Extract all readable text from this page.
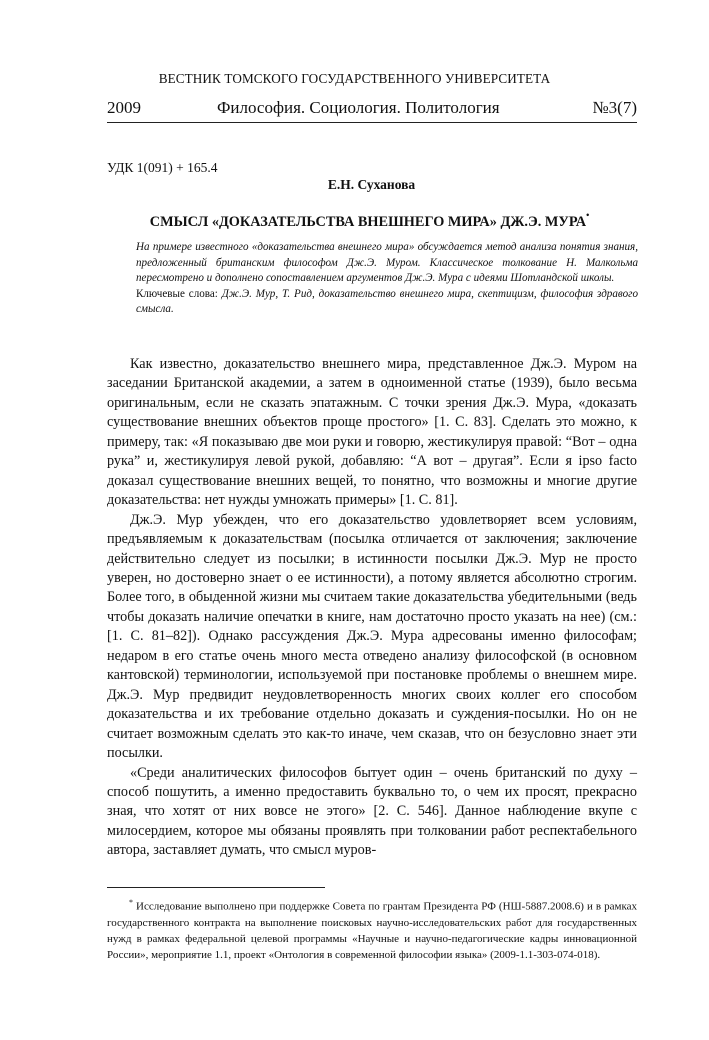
ВЕСТНИК ТОМСКОГО ГОСУДАРСТВЕННОГО УНИВЕРСИТЕТА
2009	Философия. Социология. Политология	№3(7)
УДК 1(091) + 165.4
Е.Н. Суханова
СМЫСЛ «ДОКАЗАТЕЛЬСТВА ВНЕШНЕГО МИРА» ДЖ.Э. МУРА•

На примере известного «доказательства внешнего мира» обсуждается метод анализа понятия знания, предложенный британским философом Дж.Э. Муром. Классическое толкование Н. Малкольма пересмотрено и дополнено сопоставлением аргументов Дж.Э. Мура с идеями Шотландской школы.

Ключевые слова: Дж.Э. Мур, Т. Рид, доказательство внешнего мира, скептицизм, философия здравого смысла.

Как известно, доказательство внешнего мира, представленное Дж.Э. Муром на заседании Британской академии, а затем в одноименной статье (1939), было весьма оригинальным, если не сказать эпатажным. С точки зрения Дж.Э. Мура, «доказать существование внешних объектов проще простого» [1. С. 83]. Сделать это можно, к примеру, так: «Я показываю две мои руки и говорю, жестикулируя правой: “Вот – одна рука” и, жестикулируя левой рукой, добавляю: “А вот – другая”. Если я ipso facto доказал существование внешних вещей, то понятно, что возможны и многие другие доказательства: нет нужды умножать примеры» [1. С. 81].

Дж.Э. Мур убежден, что его доказательство удовлетворяет всем условиям, предъявляемым к доказательствам (посылка отличается от заключения; заключение действительно следует из посылки; в истинности посылки Дж.Э. Мур не просто уверен, но достоверно знает о ее истинности), а потому является абсолютно строгим. Более того, в обыденной жизни мы считаем такие доказательства убедительными (ведь чтобы доказать наличие опечатки в книге, нам достаточно просто указать на нее) (см.: [1. С. 81–82]). Однако рассуждения Дж.Э. Мура адресованы именно философам; недаром в его статье очень много места отведено анализу философской (в основном кантовской) терминологии, используемой при постановке проблемы о внешнем мире. Дж.Э. Мур предвидит неудовлетворенность многих своих коллег его способом доказательства и их требование отдельно доказать и суждения-посылки. Но он не считает возможным сделать это как-то иначе, чем сказав, что он безусловно знает эти посылки.

«Среди аналитических философов бытует один – очень британский по духу – способ пошутить, а именно предоставить буквально то, о чем их просят, прекрасно зная, что хотят от них вовсе не этого» [2. С. 546]. Данное наблюдение вкупе с милосердием, которое мы обязаны проявлять при толковании работ респектабельного автора, заставляет думать, что смысл муров-

* Исследование выполнено при поддержке Совета по грантам Президента РФ (НШ-5887.2008.6) и в рамках государственного контракта на выполнение поисковых научно-исследовательских работ для государственных нужд в рамках федеральной целевой программы «Научные и научно-педагогические кадры инновационной России», мероприятие 1.1, проект «Онтология в современной философии языка» (2009-1.1-303-074-018).
